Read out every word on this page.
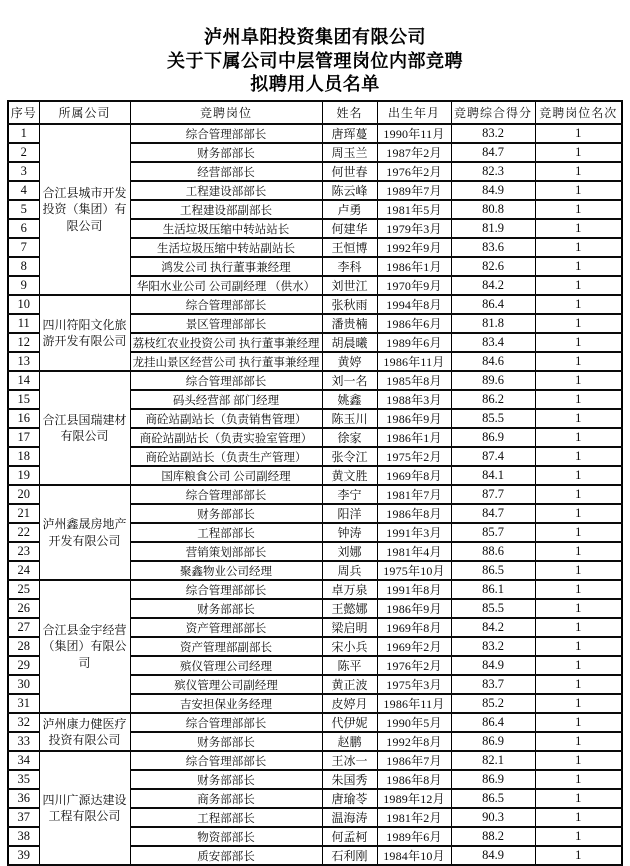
泸州阜阳投资集团有限公司
关于下属公司中层管理岗位内部竞聘
拟聘用人员名单
序号	所属公司	竞聘岗位	姓名	出生年月	竞聘综合得分	竞聘岗位名次
1	合江县城市开发投资（集团）有限公司	综合管理部部长	唐珲蔓	1990年11月	83.2	1
2		财务部部长	周玉兰	1987年2月	84.7	1
3		经营部部长	何世春	1976年2月	82.3	1
4		工程建设部部长	陈云峰	1989年7月	84.9	1
5		工程建设部副部长	卢勇	1981年5月	80.8	1
6		生活垃圾压缩中转站站长	何建华	1979年3月	81.9	1
7		生活垃圾压缩中转站副站长	王恒博	1992年9月	83.6	1
8		鸿发公司 执行董事兼经理	李科	1986年1月	82.6	1
9		华阳水业公司 公司副经理 （供水）	刘世江	1970年9月	84.2	1
10	四川符阳文化旅游开发有限公司	综合管理部部长	张秋雨	1994年8月	86.4	1
11		景区管理部部长	潘贵楠	1986年6月	81.8	1
12		荔枝红农业投资公司 执行董事兼经理	胡晨曦	1989年6月	83.4	1
13		龙挂山景区经营公司 执行董事兼经理	黄婷	1986年11月	84.6	1
14	合江县国瑞建材有限公司	综合管理部部长	刘一名	1985年8月	89.6	1
15		码头经营部 部门经理	姚鑫	1988年3月	86.2	1
16		商砼站副站长（负责销售管理）	陈玉川	1986年9月	85.5	1
17		商砼站副站长（负责实验室管理）	徐家	1986年1月	86.9	1
18		商砼站副站长（负责生产管理）	张令江	1975年2月	87.4	1
19		国库粮食公司 公司副经理	黄文胜	1969年8月	84.1	1
20	泸州鑫晟房地产开发有限公司	综合管理部部长	李宁	1981年7月	87.7	1
21		财务部部长	阳洋	1986年8月	84.7	1
22		工程部部长	钟涛	1991年3月	85.7	1
23		营销策划部部长	刘娜	1981年4月	88.6	1
24		聚鑫物业公司经理	周兵	1975年10月	86.5	1
25	合江县金宇经营（集团）有限公司	综合管理部部长	卓万泉	1991年8月	86.1	1
26		财务部部长	王懿娜	1986年9月	85.5	1
27		资产管理部部长	梁启明	1969年8月	84.2	1
28		资产管理部副部长	宋小兵	1969年2月	83.2	1
29		殡仪管理公司经理	陈平	1976年2月	84.9	1
30		殡仪管理公司副经理	黄正波	1975年3月	83.7	1
31		吉安担保业务经理	皮婷月	1986年11月	85.2	1
32	泸州康力健医疗投资有限公司	综合管理部部长	代伊妮	1990年5月	86.4	1
33		财务部部长	赵鹏	1992年8月	86.9	1
34	四川广源达建设工程有限公司	综合管理部部长	王冰一	1986年7月	82.1	1
35		财务部部长	朱国秀	1986年8月	86.9	1
36		商务部部长	唐瑜苓	1989年12月	86.5	1
37		工程部部长	温海涛	1981年2月	90.3	1
38		物资部部长	何孟柯	1989年6月	88.2	1
39		质安部部长	石利刚	1984年10月	84.9	1
